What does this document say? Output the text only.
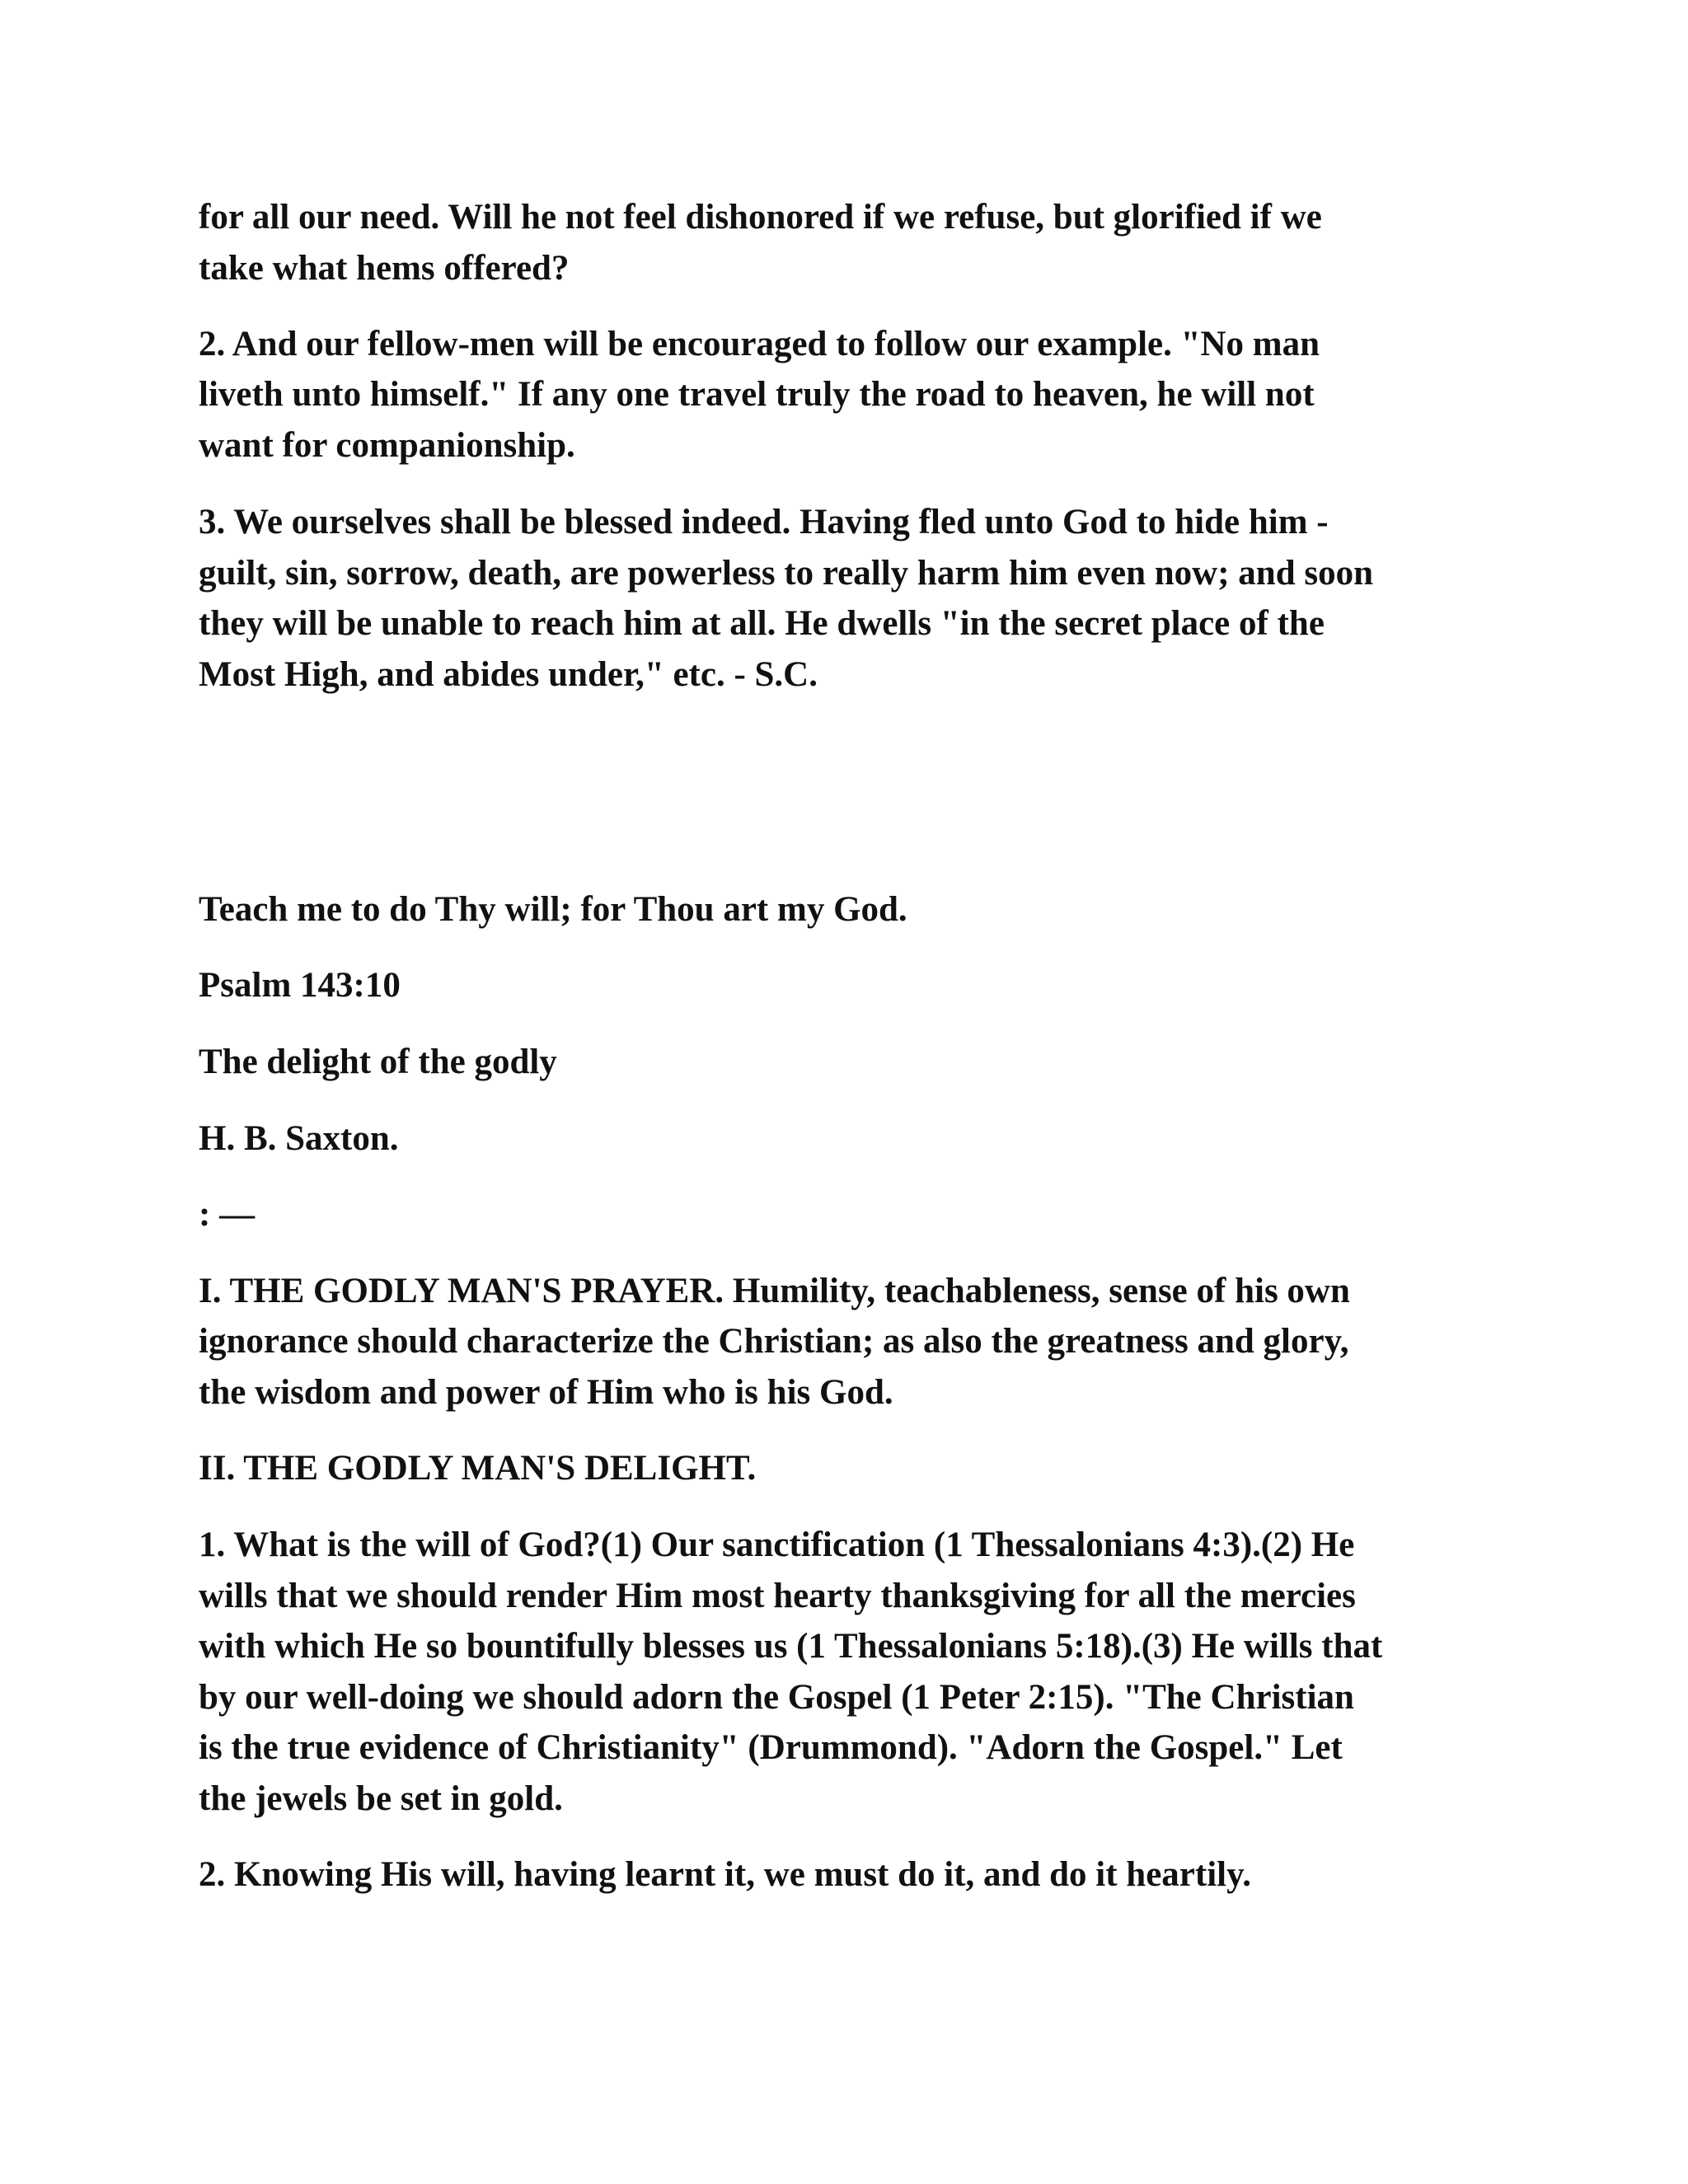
for all our need. Will he not feel dishonored if we refuse, but glorified if we

take what hems offered?

2. And our fellow-men will be encouraged to follow our example. "No man

liveth unto himself." If any one travel truly the road to heaven, he will not

want for companionship.

3. We ourselves shall be blessed indeed. Having fled unto God to hide him -

guilt, sin, sorrow, death, are powerless to really harm him even now; and soon

they will be unable to reach him at all. He dwells "in the secret place of the

Most High, and abides under," etc. - S.C.

Teach me to do Thy will; for Thou art my God.

Psalm 143:10

The delight of the godly

H. B. Saxton.

: —

I. THE GODLY MAN'S PRAYER. Humility, teachableness, sense of his own

ignorance should characterize the Christian; as also the greatness and glory,

the wisdom and power of Him who is his God.

II. THE GODLY MAN'S DELIGHT.

1. What is the will of God?(1) Our sanctification (1 Thessalonians 4:3).(2) He

wills that we should render Him most hearty thanksgiving for all the mercies

with which He so bountifully blesses us (1 Thessalonians 5:18).(3) He wills that

by our well-doing we should adorn the Gospel (1 Peter 2:15). "The Christian

is the true evidence of Christianity" (Drummond). "Adorn the Gospel." Let

the jewels be set in gold.

2. Knowing His will, having learnt it, we must do it, and do it heartily.
